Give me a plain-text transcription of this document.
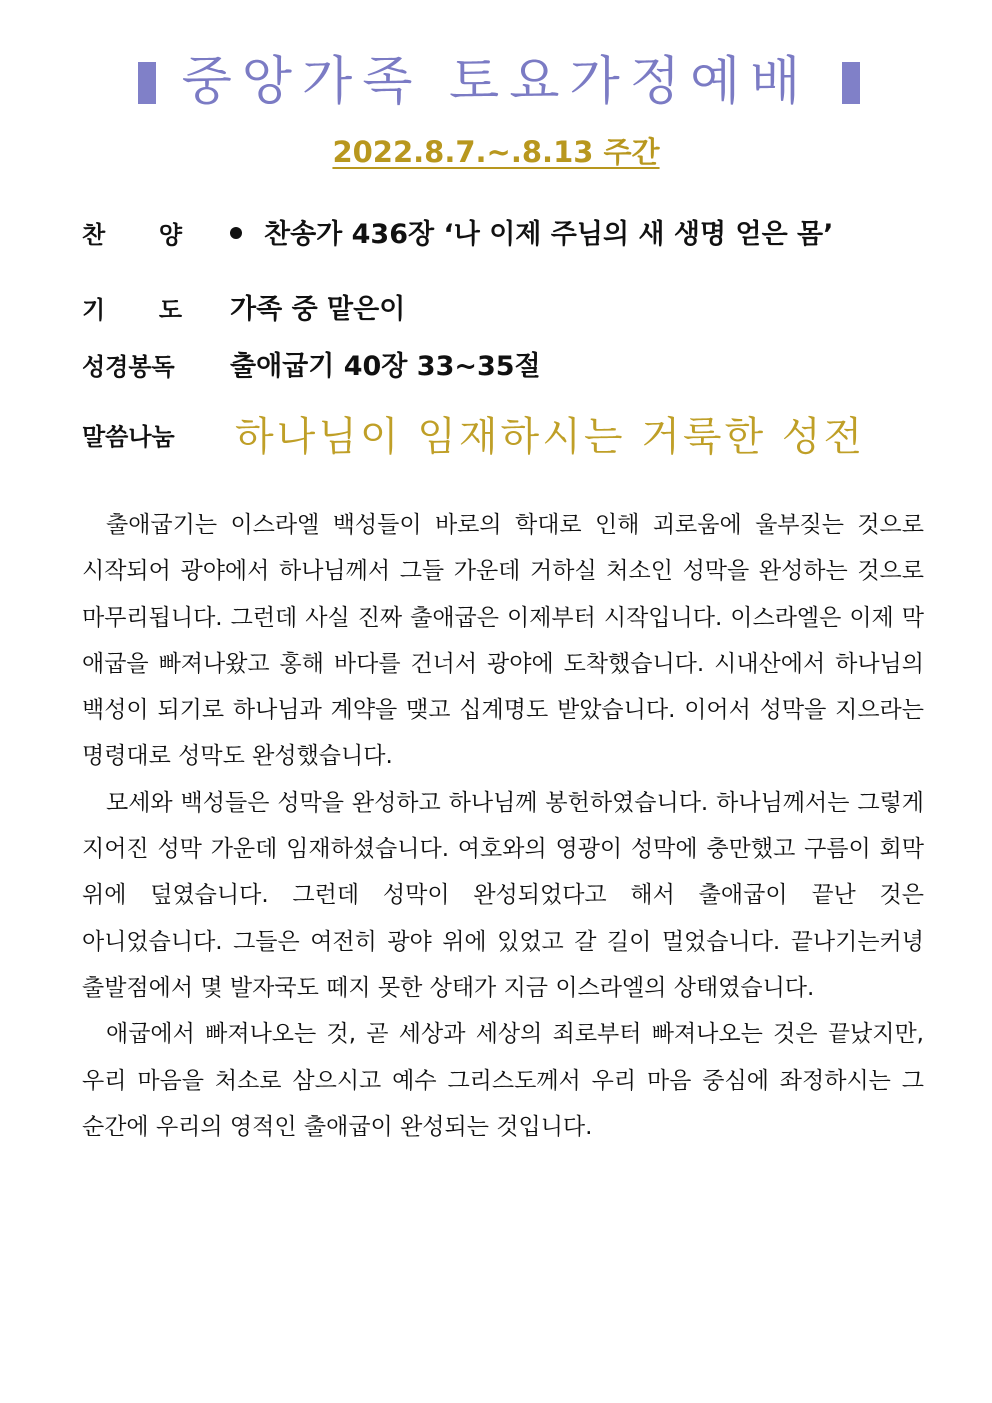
중앙가족 토요가정예배
2022.8.7.~.8.13 주간
찬 양	찬송가 436장 ‘나 이제 주님의 새 생명 얻은 몸’
기 도 가족 중 맡은이
성경봉독 출애굽기 40장 33~35절
말씀나눔 하나님이 임재하시는 거룩한 성전

출애굽기는 이스라엘 백성들이 바로의 학대로 인해 괴로움에 울부짖는 것으로 시작되어 광야에서 하나님께서 그들 가운데 거하실 처소인 성막을 완성하는 것으로 마무리됩니다. 그런데 사실 진짜 출애굽은 이제부터 시작입니다. 이스라엘은 이제 막 애굽을 빠져나왔고 홍해 바다를 건너서 광야에 도착했습니다. 시내산에서 하나님의 백성이 되기로 하나님과 계약을 맺고 십계명도 받았습니다. 이어서 성막을 지으라는 명령대로 성막도 완성했습니다.

모세와 백성들은 성막을 완성하고 하나님께 봉헌하였습니다. 하나님께서는 그렇게 지어진 성막 가운데 임재하셨습니다. 여호와의 영광이 성막에 충만했고 구름이 회막 위에 덮였습니다. 그런데 성막이 완성되었다고 해서 출애굽이 끝난 것은 아니었습니다. 그들은 여전히 광야 위에 있었고 갈 길이 멀었습니다. 끝나기는커녕 출발점에서 몇 발자국도 떼지 못한 상태가 지금 이스라엘의 상태였습니다.

애굽에서 빠져나오는 것, 곧 세상과 세상의 죄로부터 빠져나오는 것은 끝났지만, 우리 마음을 처소로 삼으시고 예수 그리스도께서 우리 마음 중심에 좌정하시는 그 순간에 우리의 영적인 출애굽이 완성되는 것입니다.
